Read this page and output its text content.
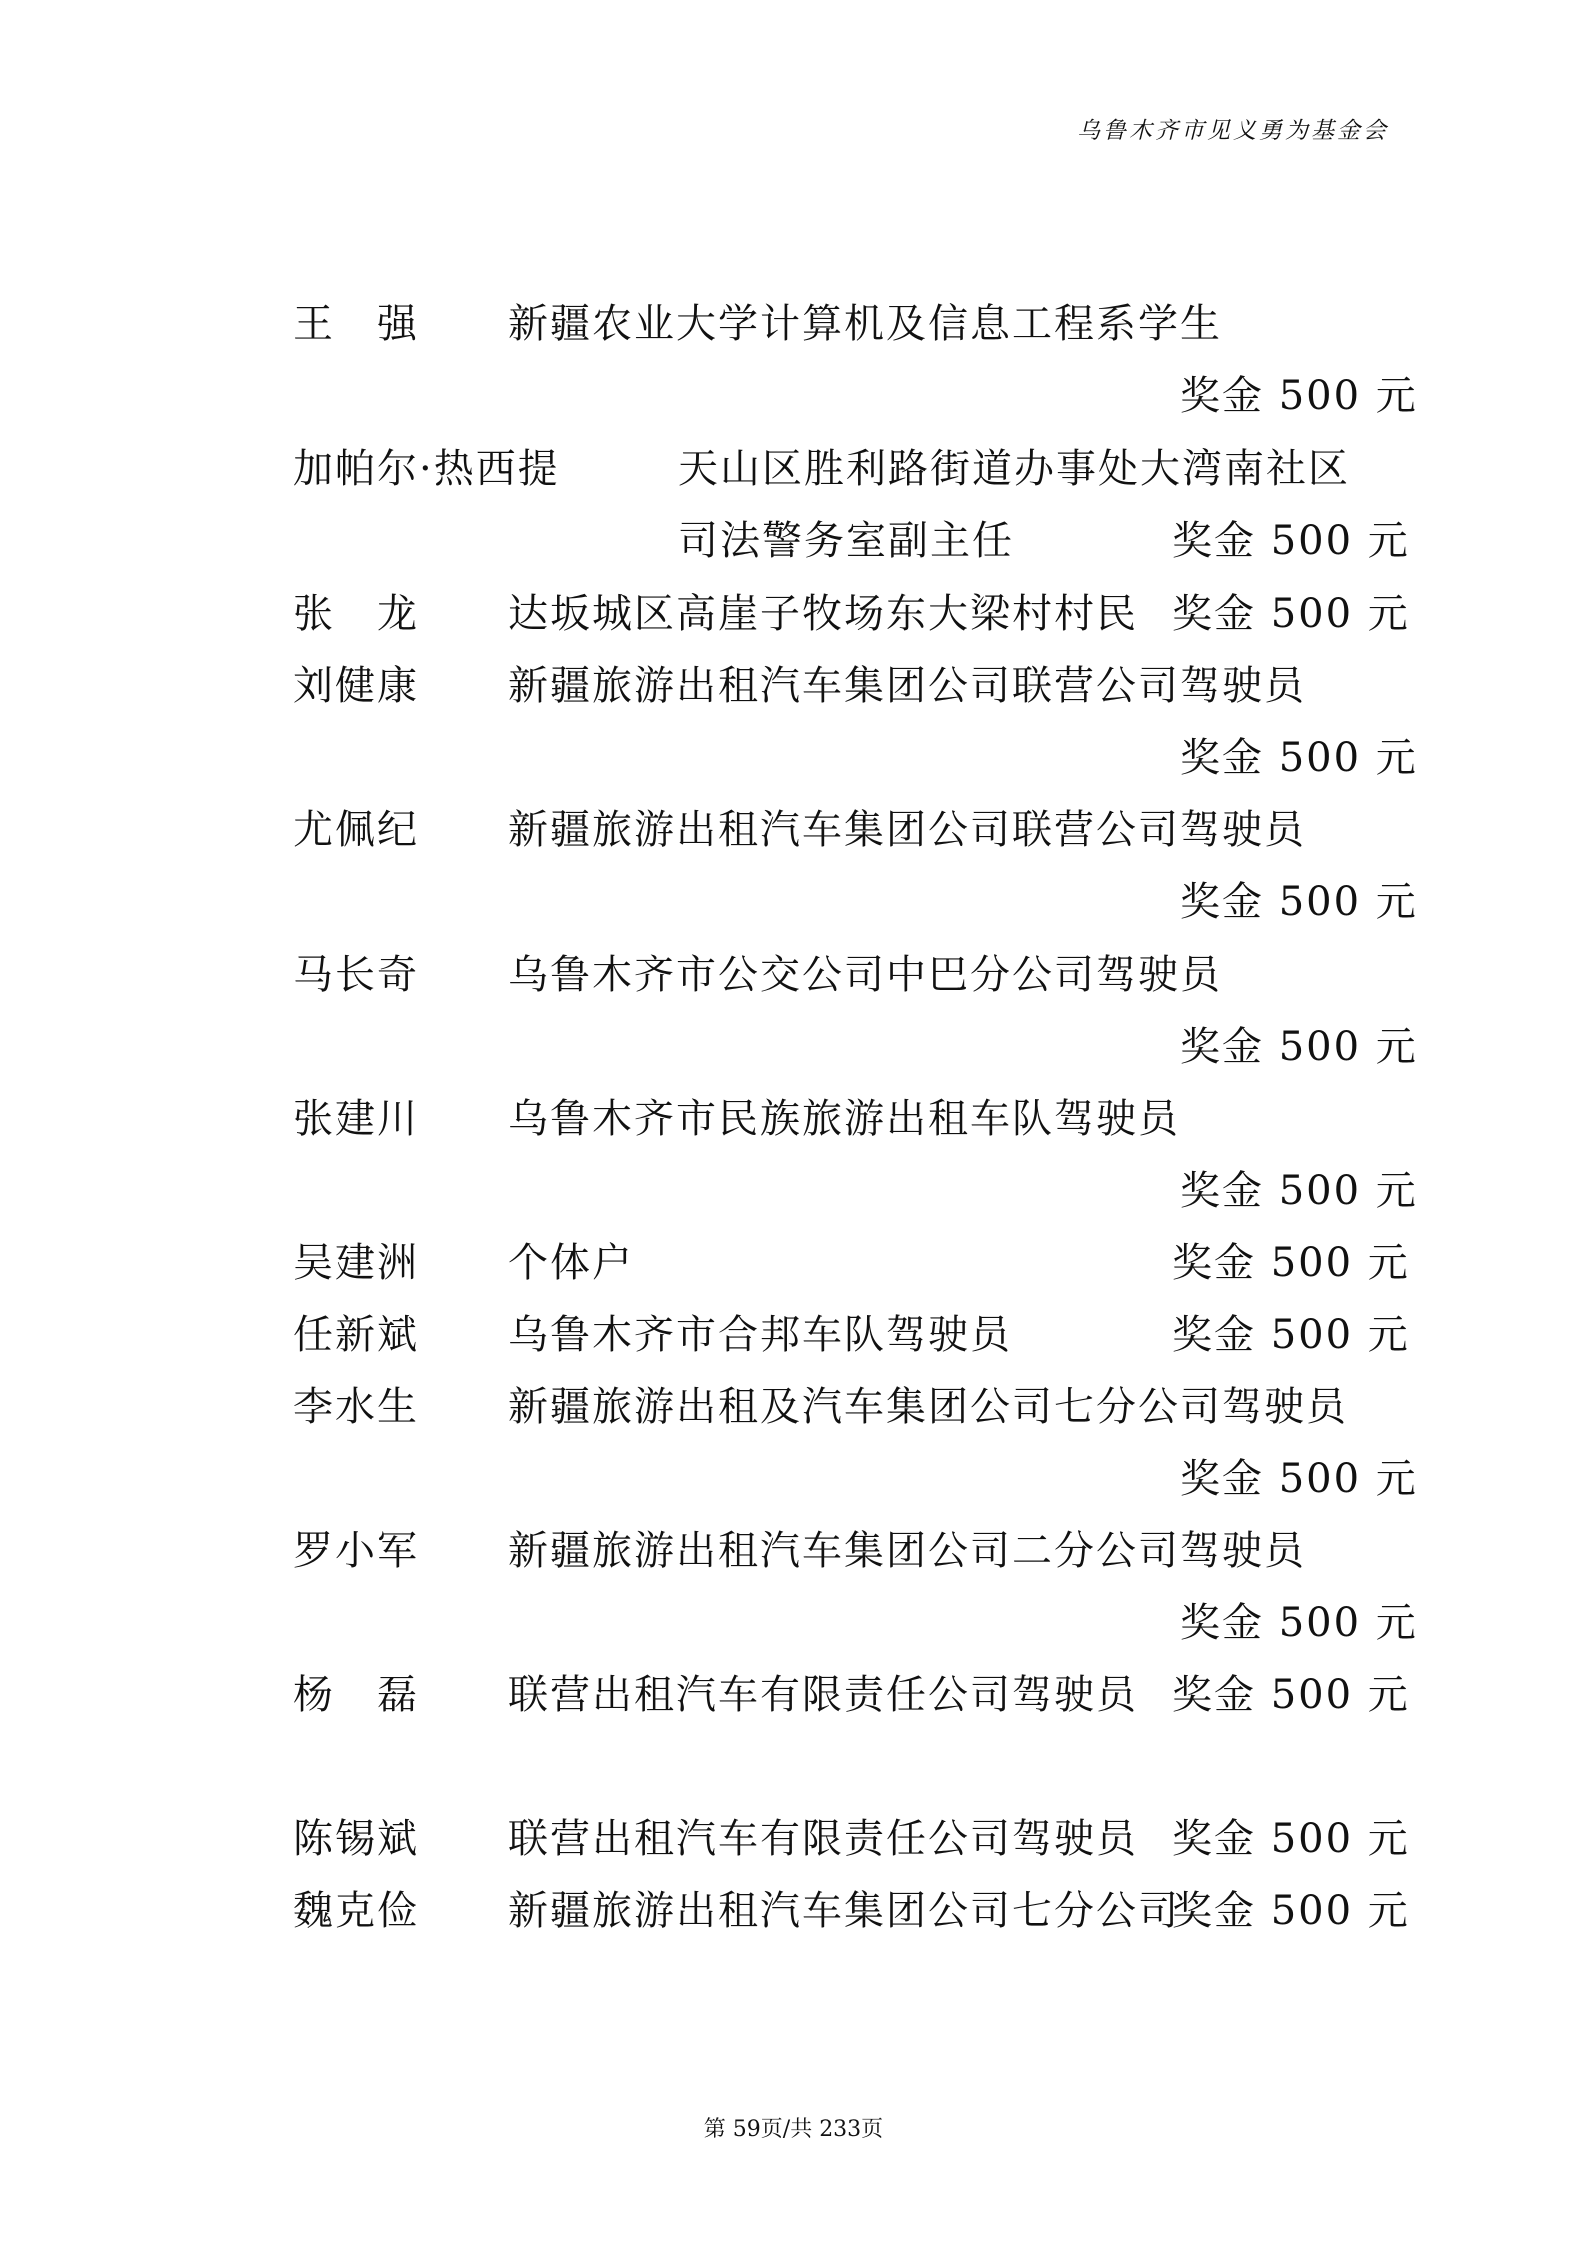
乌鲁木齐市见义勇为基金会
王　强 新疆农业大学计算机及信息工程系学生
奖金 500 元
加帕尔·热西提	天山区胜利路街道办事处大湾南社区
司法警务室副主任	奖金 500 元
张　龙 达坂城区高崖子牧场东大梁村村民 奖金 500 元
刘健康 新疆旅游出租汽车集团公司联营公司驾驶员
奖金 500 元
尤佩纪 新疆旅游出租汽车集团公司联营公司驾驶员
奖金 500 元
马长奇 乌鲁木齐市公交公司中巴分公司驾驶员
奖金 500 元
张建川 乌鲁木齐市民族旅游出租车队驾驶员
奖金 500 元
吴建洲 个体户	奖金 500 元
任新斌 乌鲁木齐市合邦车队驾驶员	奖金 500 元
李水生 新疆旅游出租及汽车集团公司七分公司驾驶员
奖金 500 元
罗小军 新疆旅游出租汽车集团公司二分公司驾驶员
奖金 500 元
杨　磊 联营出租汽车有限责任公司驾驶员 奖金 500 元
陈锡斌 联营出租汽车有限责任公司驾驶员 奖金 500 元
魏克俭 新疆旅游出租汽车集团公司七分公司
奖金 500 元
第 59页/共 233页
